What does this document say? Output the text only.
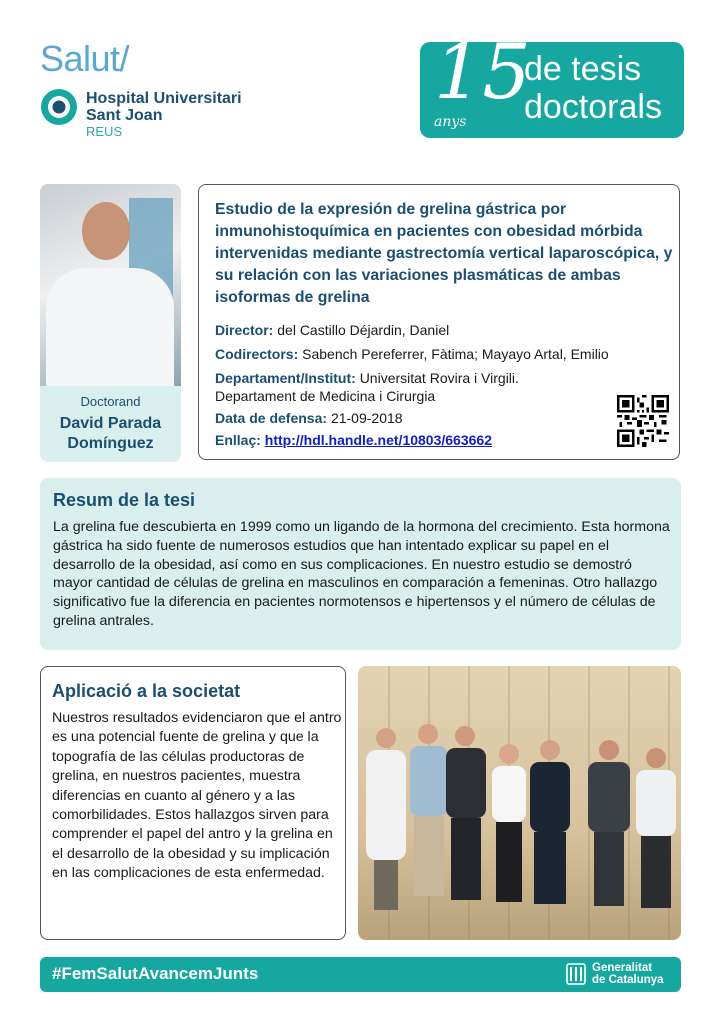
Salut/
Hospital Universitari
Sant Joan
REUS
15
anys
de tesis
doctorals
Doctorand
David Parada
Domínguez
Estudio de la expresión de grelina gástrica por inmunohistoquímica en pacientes con obesidad mórbida intervenidas mediante gastrectomía vertical laparoscópica, y su relación con las variaciones plasmáticas de ambas isoformas de grelina
Director: del Castillo Déjardin, Daniel
Codirectors: Sabench Pereferrer, Fàtima; Mayayo Artal, Emilio
Departament/Institut: Universitat Rovira i Virgili.
Departament de Medicina i Cirurgia
Data de defensa: 21-09-2018
Enllaç: http://hdl.handle.net/10803/663662
Resum de la tesi
La grelina fue descubierta en 1999 como un ligando de la hormona del crecimiento. Esta hormona gástrica ha sido fuente de numerosos estudios que han intentado explicar su papel en el desarrollo de la obesidad, así como en sus complicaciones. En nuestro estudio se demostró mayor cantidad de células de grelina en masculinos en comparación a femeninas. Otro hallazgo significativo fue la diferencia en pacientes normotensos e hipertensos y el número de células de grelina antrales.
Aplicació a la societat
Nuestros resultados evidenciaron que el antro es una potencial fuente de grelina y que la topografía de las células productoras de grelina, en nuestros pacientes, muestra diferencias en cuanto al género y a las comorbilidades. Estos hallazgos sirven para comprender el papel del antro y la grelina en el desarrollo de la obesidad y su implicación en las complicaciones de esta enfermedad.
#FemSalutAvancemJunts	Generalitat
de Catalunya
